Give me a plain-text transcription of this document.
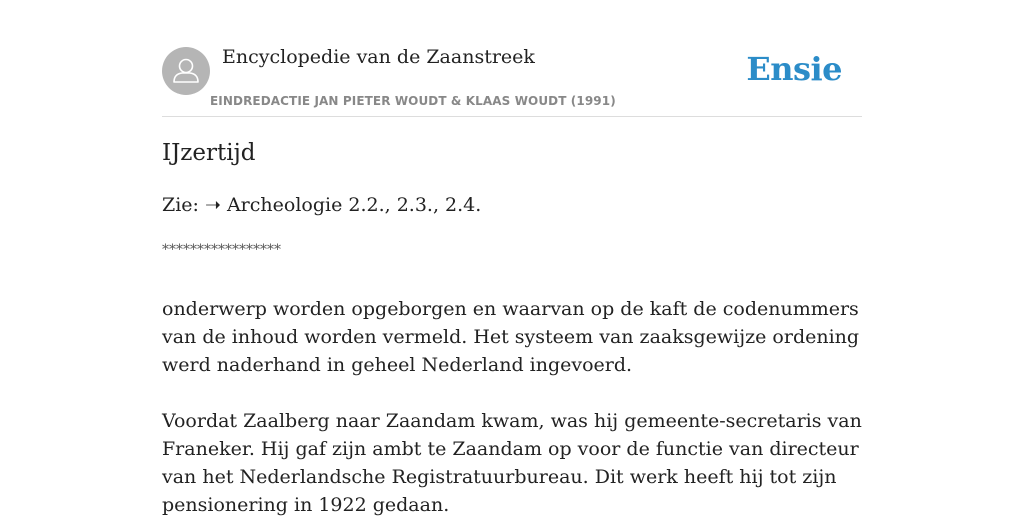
Encyclopedie van de Zaanstreek
EINDREDACTIE JAN PIETER WOUDT & KLAAS WOUDT (1991)
Ensie
IJzertijd
Zie: ➝ Archeologie 2.2., 2.3., 2.4.
*****************

onderwerp worden opgeborgen en waarvan op de kaft de codenummers van de inhoud worden vermeld. Het systeem van zaaksgewijze ordening werd naderhand in geheel Nederland ingevoerd.

Voordat Zaalberg naar Zaandam kwam, was hij gemeente-secretaris van Franeker. Hij gaf zijn ambt te Zaandam op voor de functie van directeur van het Nederlandsche Registratuurbureau. Dit werk heeft hij tot zijn pensionering in 1922 gedaan.
